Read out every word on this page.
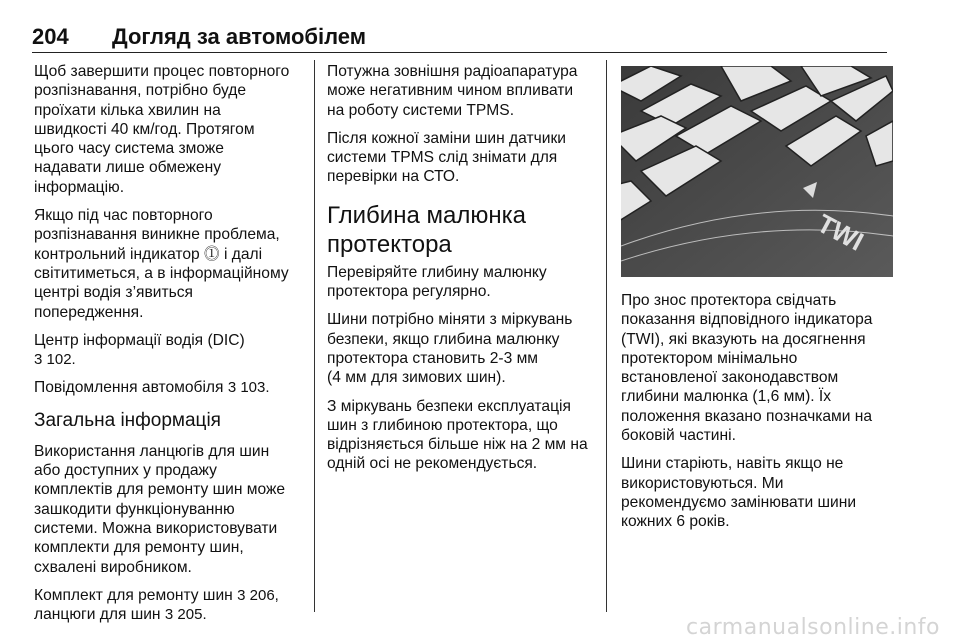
204 Догляд за автомобілем

Щоб завершити процес повторного
розпізнавання, потрібно буде
проїхати кілька хвилин на
швидкості 40 км/год. Протягом
цього часу система зможе
надавати лише обмежену
інформацію.

Якщо під час повторного
розпізнавання виникне проблема,
контрольний індикатор ⓵ і далі
світитиметься, а в інформаційному
центрі водія з’явиться
попередження.

Центр інформації водія (DIC)
3 102.

Повідомлення автомобіля 3 103.

Загальна інформація

Використання ланцюгів для шин
або доступних у продажу
комплектів для ремонту шин може
зашкодити функціонуванню
системи. Можна використовувати
комплекти для ремонту шин,
схвалені виробником.

Комплект для ремонту шин 3 206,
ланцюги для шин 3 205.

Потужна зовнішня радіоапаратура
може негативним чином впливати
на роботу системи TPMS.

Після кожної заміни шин датчики
системи TPMS слід знімати для
перевірки на СТО.

Глибина малюнка
протектора

Перевіряйте глибину малюнку
протектора регулярно.

Шини потрібно міняти з міркувань
безпеки, якщо глибина малюнку
протектора становить 2-3 мм
(4 мм для зимових шин).

З міркувань безпеки експлуатація
шин з глибиною протектора, що
відрізняється більше ніж на 2 мм на
одній осі не рекомендується.

TWI

Про знос протектора свідчать
показання відповідного індикатора
(TWI), які вказують на досягнення
протектором мінімально
встановленої законодавством
глибини малюнка (1,6 мм). Їх
положення вказано позначками на
боковій частині.

Шини старіють, навіть якщо не
використовуються. Ми
рекомендуємо замінювати шини
кожних 6 років.

carmanualsonline.info
